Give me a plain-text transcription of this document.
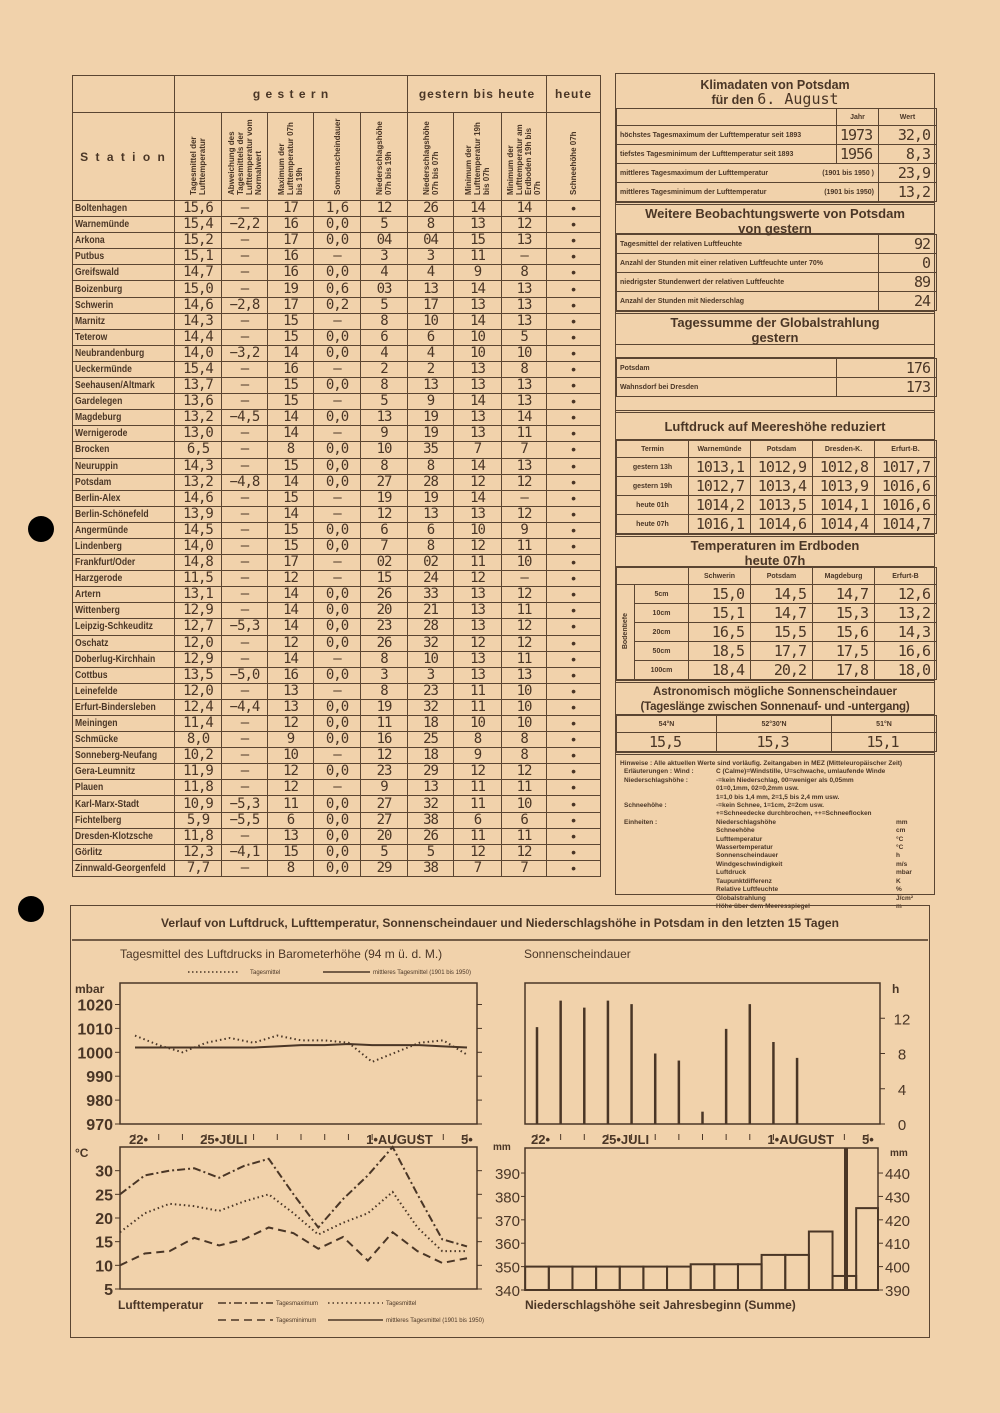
	g e s t e r n					gestern bis heute			heute
S t a t i o n	Tagesmittel der Lufttemperatur	Abweichung des Tagesmittels der Lufttemperatur vom Normalwert	Maximum der Lufttemperatur 07h bis 19h	Sonnenscheindauer	Niederschlagshöhe 07h bis 19h	Niederschlagshöhe 07h bis 07h	Minimum der Lufttemperatur 19h bis 07h	Minimum der Lufttemperatur am Erdboden 19h bis 07h	Schneehöhe 07h
Boltenhagen	15,6	–	17	1,6	12	26	14	14	•
Warnemünde	15,4	−2,2	16	0,0	5	8	13	12	•
Arkona	15,2	–	17	0,0	04	04	15	13	•
Putbus	15,1	–	16	–	3	3	11	–	•
Greifswald	14,7	–	16	0,0	4	4	9	8	•
Boizenburg	15,0	–	19	0,6	03	13	14	13	•
Schwerin	14,6	−2,8	17	0,2	5	17	13	13	•
Marnitz	14,3	–	15	–	8	10	14	13	•
Teterow	14,4	–	15	0,0	6	6	10	5	•
Neubrandenburg	14,0	−3,2	14	0,0	4	4	10	10	•
Ueckermünde	15,4	–	16	–	2	2	13	8	•
Seehausen/Altmark	13,7	–	15	0,0	8	13	13	13	•
Gardelegen	13,6	–	15	–	5	9	14	13	•
Magdeburg	13,2	−4,5	14	0,0	13	19	13	14	•
Wernigerode	13,0	–	14	–	9	19	13	11	•
Brocken	6,5	–	8	0,0	10	35	7	7	•
Neuruppin	14,3	–	15	0,0	8	8	14	13	•
Potsdam	13,2	−4,8	14	0,0	27	28	12	12	•
Berlin-Alex	14,6	–	15	–	19	19	14	–	•
Berlin-Schönefeld	13,9	–	14	–	12	13	13	12	•
Angermünde	14,5	–	15	0,0	6	6	10	9	•
Lindenberg	14,0	–	15	0,0	7	8	12	11	•
Frankfurt/Oder	14,8	–	17	–	02	02	11	10	•
Harzgerode	11,5	–	12	–	15	24	12	–	•
Artern	13,1	–	14	0,0	26	33	13	12	•
Wittenberg	12,9	–	14	0,0	20	21	13	11	•
Leipzig-Schkeuditz	12,7	−5,3	14	0,0	23	28	13	12	•
Oschatz	12,0	–	12	0,0	26	32	12	12	•
Doberlug-Kirchhain	12,9	–	14	–	8	10	13	11	•
Cottbus	13,5	−5,0	16	0,0	3	3	13	13	•
Leinefelde	12,0	–	13	–	8	23	11	10	•
Erfurt-Bindersleben	12,4	−4,4	13	0,0	19	32	11	10	•
Meiningen	11,4	–	12	0,0	11	18	10	10	•
Schmücke	8,0	–	9	0,0	16	25	8	8	•
Sonneberg-Neufang	10,2	–	10	–	12	18	9	8	•
Gera-Leumnitz	11,9	–	12	0,0	23	29	12	12	•
Plauen	11,8	–	12	–	9	13	11	11	•
Karl-Marx-Stadt	10,9	−5,3	11	0,0	27	32	11	10	•
Fichtelberg	5,9	−5,5	6	0,0	27	38	6	6	•
Dresden-Klotzsche	11,8	–	13	0,0	20	26	11	11	•
Görlitz	12,3	−4,1	15	0,0	5	5	12	12	•
Zinnwald-Georgenfeld	7,7	–	8	0,0	29	38	7	7	•
Klimadaten von Potsdam
für den 6. August
	Jahr	Wert
höchstes Tagesmaximum der Lufttemperatur seit 1893	1973	32,0
tiefstes Tagesminimum der Lufttemperatur seit 1893	1956	8,3

mittleres Tagesmaximum der Lufttemperatur (1901 bis 1950 )		23,9

mittleres Tagesminimum der Lufttemperatur (1901 bis 1950)		13,2
Weitere Beobachtungswerte von Potsdam
von gestern
Tagesmittel der relativen Luftfeuchte	92
Anzahl der Stunden mit einer relativen Luftfeuchte unter 70%	0
niedrigster Stundenwert der relativen Luftfeuchte	89
Anzahl der Stunden mit Niederschlag	24
Tagessumme der Globalstrahlung
gestern
Potsdam	176
Wahnsdorf bei Dresden	173
Luftdruck auf Meereshöhe reduziert
Termin	Warnemünde	Potsdam	Dresden-K.	Erfurt-B.
gestern 13h	1013,1	1012,9	1012,8	1017,7
gestern 19h	1012,7	1013,4	1013,9	1016,6
heute 01h	1014,2	1013,5	1014,1	1016,6
heute 07h	1016,1	1014,6	1014,4	1014,7
Temperaturen im Erdboden
heute 07h
		Schwerin	Potsdam	Magdeburg	Erfurt-B
Bodentiefe	5cm	15,0	14,5	14,7	12,6
	10cm	15,1	14,7	15,3	13,2
	20cm	16,5	15,5	15,6	14,3
	50cm	18,5	17,7	17,5	16,6
	100cm	18,4	20,2	17,8	18,0
Astronomisch mögliche Sonnenscheindauer
(Tageslänge zwischen Sonnenauf- und -untergang)
54°N	52°30'N	51°N
15,5	15,3	15,1
Hinweise : Alle aktuellen Werte sind vorläufig. Zeitangaben in MEZ (Mitteleuropäischer Zeit)
Erläuterungen : Wind :	C (Calme)=Windstille, U=schwache, umlaufende Winde
Niederschlagshöhe :	-=kein Niederschlag, 00=weniger als 0,05mm
01=0,1mm, 02=0,2mm usw.
1=1,0 bis 1,4 mm, 2=1,5 bis 2,4 mm usw.
Schneehöhe :	-=kein Schnee, 1=1cm, 2=2cm usw.
+=Schneedecke durchbrochen, ++=Schneeflocken
Einheiten :	Niederschlagshöhe	mm
Schneehöhe	cm
Lufttemperatur	°C
Wassertemperatur	°C
Sonnenscheindauer	h
Windgeschwindigkeit	m/s
Luftdruck	mbar
Taupunktdifferenz	K
Relative Luftfeuchte	%
Globalstrahlung	J/cm²
Höhe über dem Meeresspiegel	m
Verlauf von Luftdruck, Lufttemperatur, Sonnenscheindauer und Niederschlagshöhe in Potsdam in den letzten 15 Tagen
Tagesmittel des Luftdrucks in Barometerhöhe (94 m ü. d. M.)
Tagesmittel	mittleres Tagesmittel (1901 bis 1950)
970
980
990
1000
1010
1020
mbar
22•	25•JULI	1•AUGUST 5•
5
10
15
20
25
30
°C
Lufttemperatur	Tagesmaximum	Tagesmittel
Tagesminimum	mittleres Tagesmittel (1901 bis 1950)
Sonnenscheindauer
0
4
8
12
h
22•	25•JULI	1•AUGUST 5•
340
350
360
370
380
390
390
400
410
420
430
440
mm
mm
Niederschlagshöhe seit Jahresbeginn (Summe)
